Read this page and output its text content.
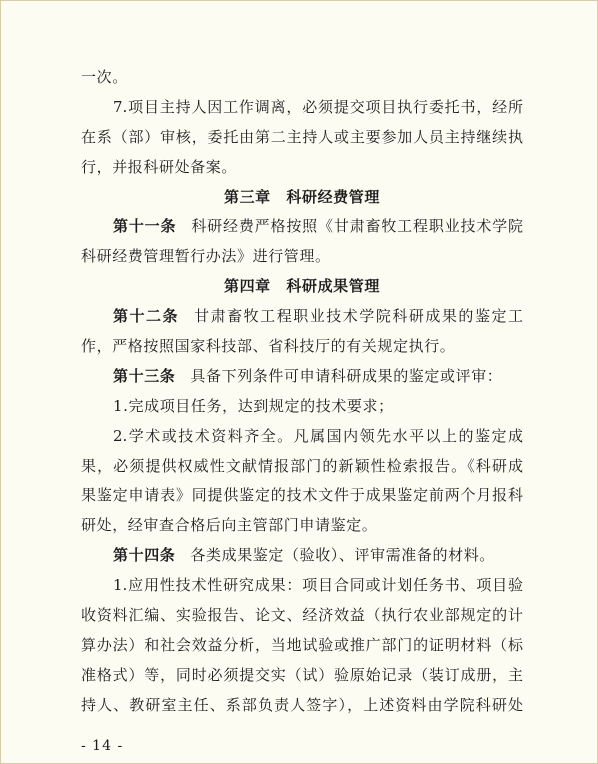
一次。
7.项目主持人因工作调离，必须提交项目执行委托书，经所
在系（部）审核，委托由第二主持人或主要参加人员主持继续执
行，并报科研处备案。
第三章　科研经费管理
第十一条 科研经费严格按照《甘肃畜牧工程职业技术学院
科研经费管理暂行办法》进行管理。
第四章　科研成果管理
第十二条 甘肃畜牧工程职业技术学院科研成果的鉴定工
作，严格按照国家科技部、省科技厅的有关规定执行。
第十三条 具备下列条件可申请科研成果的鉴定或评审：
1.完成项目任务，达到规定的技术要求；
2.学术或技术资料齐全。凡属国内领先水平以上的鉴定成
果，必须提供权威性文献情报部门的新颖性检索报告。《科研成
果鉴定申请表》同提供鉴定的技术文件于成果鉴定前两个月报科
研处，经审查合格后向主管部门申请鉴定。
第十四条 各类成果鉴定（验收）、评审需准备的材料。
1.应用性技术性研究成果：项目合同或计划任务书、项目验
收资料汇编、实验报告、论文、经济效益（执行农业部规定的计
算办法）和社会效益分析，当地试验或推广部门的证明材料（标
准格式）等，同时必须提交实（试）验原始记录（装订成册，主
持人、教研室主任、系部负责人签字），上述资料由学院科研处
- 14 -
